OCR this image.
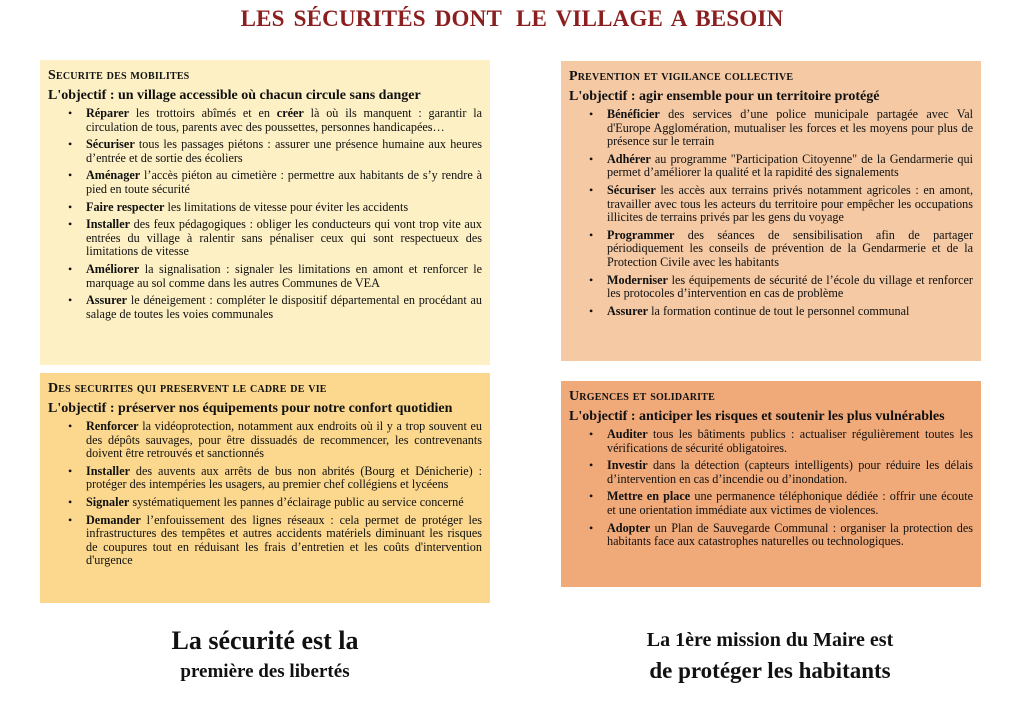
LES SÉCURITÉS DONT LE VILLAGE A BESOIN
Securite des mobilites
L'objectif : un village accessible où chacun circule sans danger
• Réparer les trottoirs abîmés et en créer là où ils manquent : garantir la circulation de tous, parents avec des poussettes, personnes handicapées…
• Sécuriser tous les passages piétons : assurer une présence humaine aux heures d’entrée et de sortie des écoliers
• Aménager l’accès piéton au cimetière : permettre aux habitants de s’y rendre à pied en toute sécurité
• Faire respecter les limitations de vitesse pour éviter les accidents
• Installer des feux pédagogiques : obliger les conducteurs qui vont trop vite aux entrées du village à ralentir sans pénaliser ceux qui sont respectueux des limitations de vitesse
• Améliorer la signalisation : signaler les limitations en amont et renforcer le marquage au sol comme dans les autres Communes de VEA
• Assurer le déneigement : compléter le dispositif départemental en procédant au salage de toutes les voies communales
Des securites qui preservent le cadre de vie
L'objectif : préserver nos équipements pour notre confort quotidien
• Renforcer la vidéoprotection, notamment aux endroits où il y a trop souvent eu des dépôts sauvages, pour être dissuadés de recommencer, les contrevenants doivent être retrouvés et sanctionnés
• Installer des auvents aux arrêts de bus non abrités (Bourg et Dénicherie) : protéger des intempéries les usagers, au premier chef collégiens et lycéens
• Signaler systématiquement les pannes d’éclairage public au service concerné
• Demander l’enfouissement des lignes réseaux : cela permet de protéger les infrastructures des tempêtes et autres accidents matériels diminuant les risques de coupures tout en réduisant les frais d’entretien et les coûts d'intervention d'urgence
Prevention et vigilance collective
L'objectif : agir ensemble pour un territoire protégé
• Bénéficier des services d’une police municipale partagée avec Val d'Europe Agglomération, mutualiser les forces et les moyens pour plus de présence sur le terrain
• Adhérer au programme "Participation Citoyenne" de la Gendarmerie qui permet d’améliorer la qualité et la rapidité des signalements
• Sécuriser les accès aux terrains privés notamment agricoles : en amont, travailler avec tous les acteurs du territoire pour empêcher les occupations illicites de terrains privés par les gens du voyage
• Programmer des séances de sensibilisation afin de partager périodiquement les conseils de prévention de la Gendarmerie et de la Protection Civile avec les habitants
• Moderniser les équipements de sécurité de l’école du village et renforcer les protocoles d’intervention en cas de problème
• Assurer la formation continue de tout le personnel communal
Urgences et solidarite
L'objectif : anticiper les risques et soutenir les plus vulnérables
• Auditer tous les bâtiments publics : actualiser régulièrement toutes les vérifications de sécurité obligatoires.
• Investir dans la détection (capteurs intelligents) pour réduire les délais d’intervention en cas d’incendie ou d’inondation.
• Mettre en place une permanence téléphonique dédiée : offrir une écoute et une orientation immédiate aux victimes de violences.
• Adopter un Plan de Sauvegarde Communal : organiser la protection des habitants face aux catastrophes naturelles ou technologiques.
La sécurité est la
première des libertés
La 1ère mission du Maire est
de protéger les habitants
